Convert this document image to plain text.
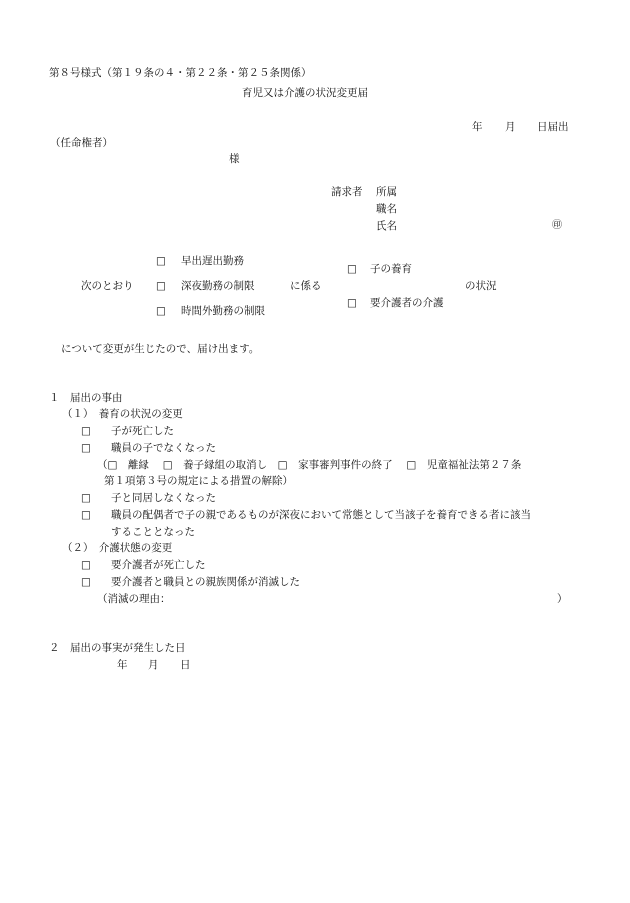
第８号様式（第１９条の４・第２２条・第２５条関係）
育児又は介護の状況変更届
年 月 日届出
（任命権者）
様
請求者 所属
職名
氏名	㊞
□ 早出遅出勤務
次のとおり □ 深夜勤務の制限	に係る
□ 時間外勤務の制限
□ 子の養育
□ 要介護者の介護
の状況
について変更が生じたので、届け出ます。
１　届出の事由
（１）　養育の状況の変更
□ 子が死亡した
□ 職員の子でなくなった
（□　離縁　 □　養子縁組の取消し　□　家事審判事件の終了　 □　児童福祉法第２７条
第１項第３号の規定による措置の解除）
□ 子と同居しなくなった
□ 職員の配偶者で子の親であるものが深夜において常態として当該子を養育できる者に該当
することとなった
（２）　介護状態の変更
□ 要介護者が死亡した
□ 要介護者と職員との親族関係が消滅した
（消滅の理由：	）
２　届出の事実が発生した日
年 月 日
